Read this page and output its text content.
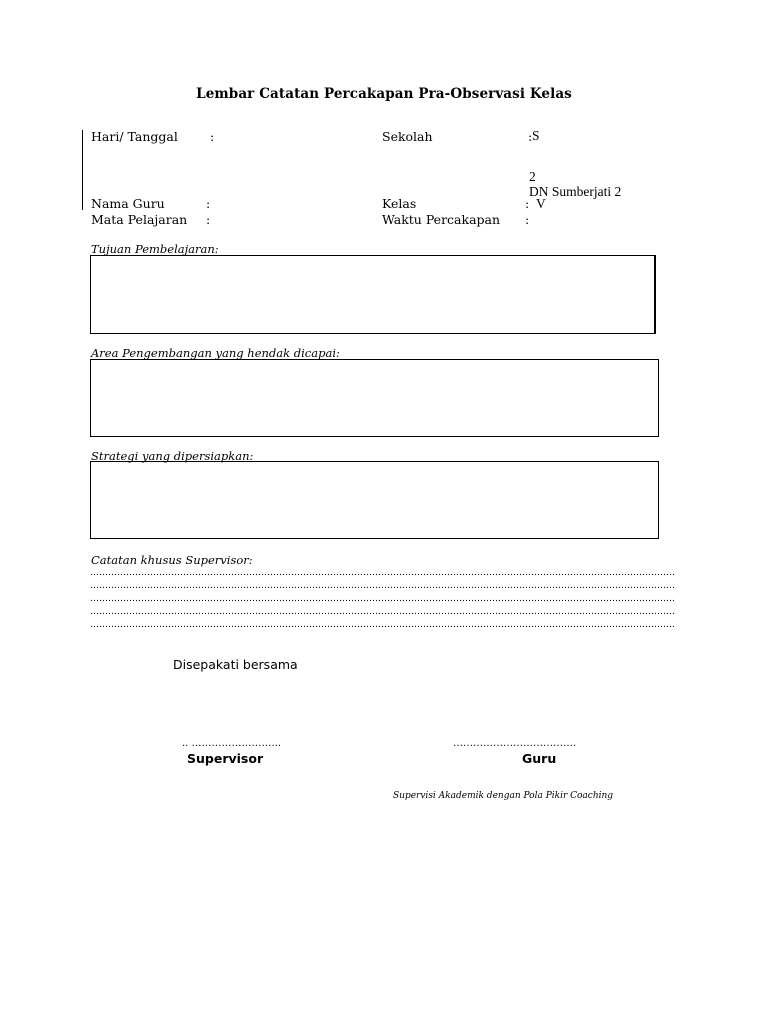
Lembar Catatan Percakapan Pra-Observasi Kelas
Hari/ Tanggal	:	Sekolah	: S
2
DN Sumberjati 2
Nama Guru	:	Kelas	: V
Mata Pelajaran :	Waktu Percakapan :
Tujuan Pembelajaran:
Area Pengembangan yang hendak dicapai:
Strategi yang dipersiapkan:
Catatan khusus Supervisor:
……………………………………………………………………………………………………………………………………………………………………………
……………………………………………………………………………………………………………………………………………………………………………
……………………………………………………………………………………………………………………………………………………………………………
……………………………………………………………………………………………………………………………………………………………………………
……………………………………………………………………………………………………………………………………………………………………………
Disepakati bersama
.. ……………………...
Supervisor
……………………………….
Guru
Supervisi Akademik dengan Pola Pikir Coaching
